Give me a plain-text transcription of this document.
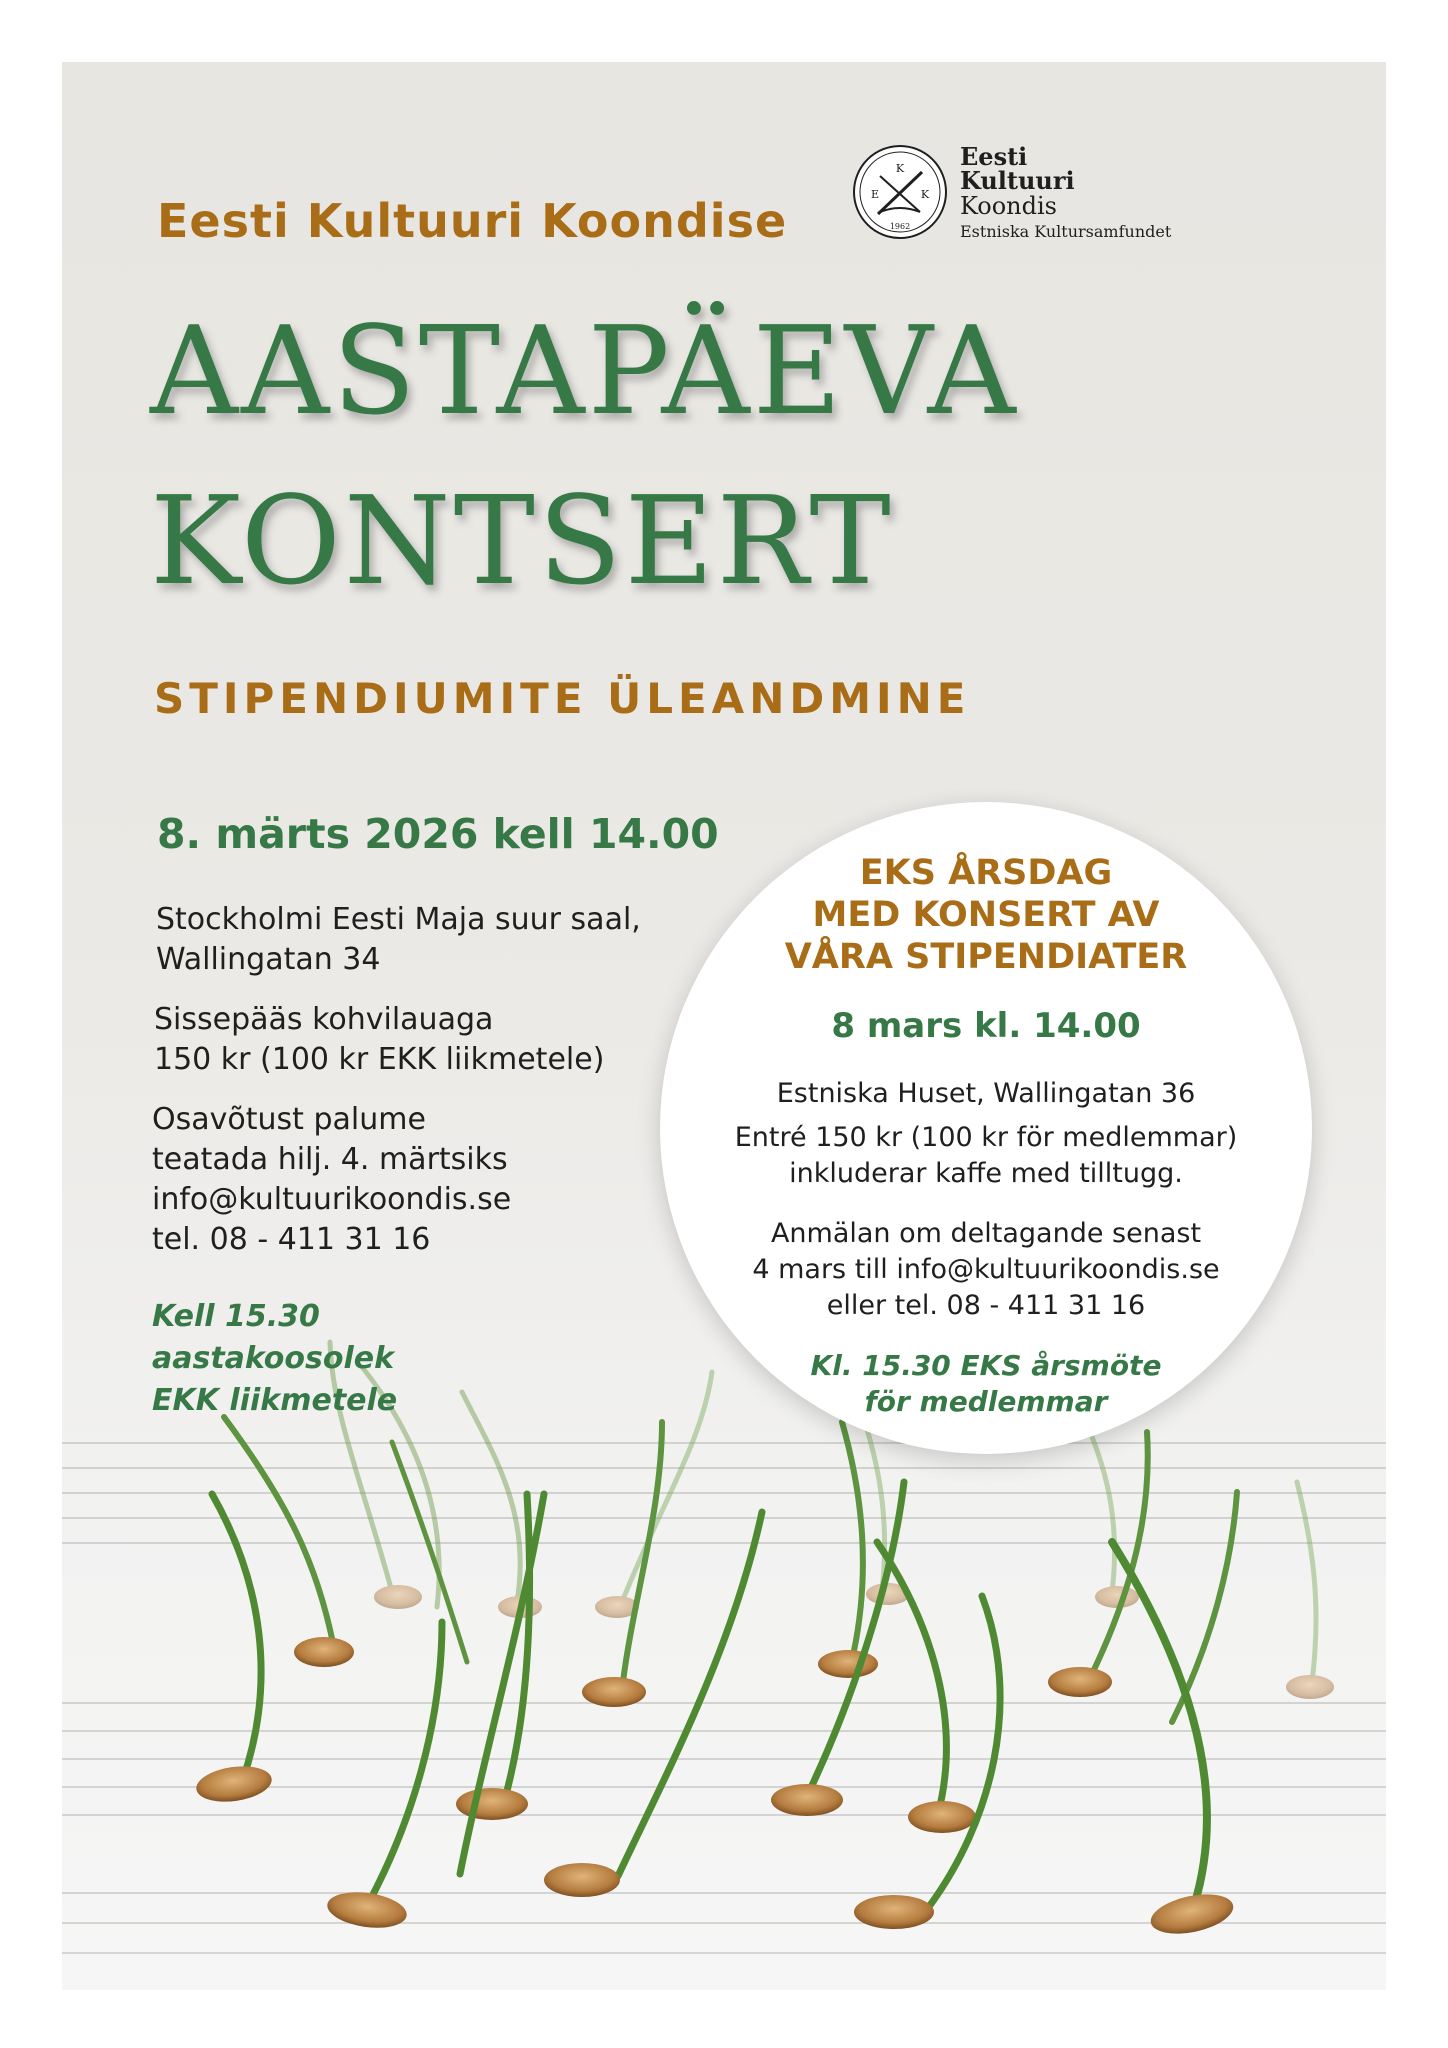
K
E	K
1962
Eesti
Kultuuri
Koondis
Estniska Kultursamfundet
Eesti Kultuuri Koondise
AASTAPÄEVA
KONTSERT
STIPENDIUMITE ÜLEANDMINE
8. märts 2026 kell 14.00
Stockholmi Eesti Maja suur saal,
Wallingatan 34
Sissepääs kohvilauaga
150 kr (100 kr EKK liikmetele)
Osavõtust palume
teatada hilj. 4. märtsiks
info@kultuurikoondis.se
tel. 08 - 411 31 16
Kell 15.30
aastakoosolek
EKK liikmetele
EKS ÅRSDAG
MED KONSERT AV
VÅRA STIPENDIATER
8 mars kl. 14.00
Estniska Huset, Wallingatan 36
Entré 150 kr (100 kr för medlemmar)
inkluderar kaffe med tilltugg.
Anmälan om deltagande senast
4 mars till info@kultuurikoondis.se
eller tel. 08 - 411 31 16
Kl. 15.30 EKS årsmöte
för medlemmar
